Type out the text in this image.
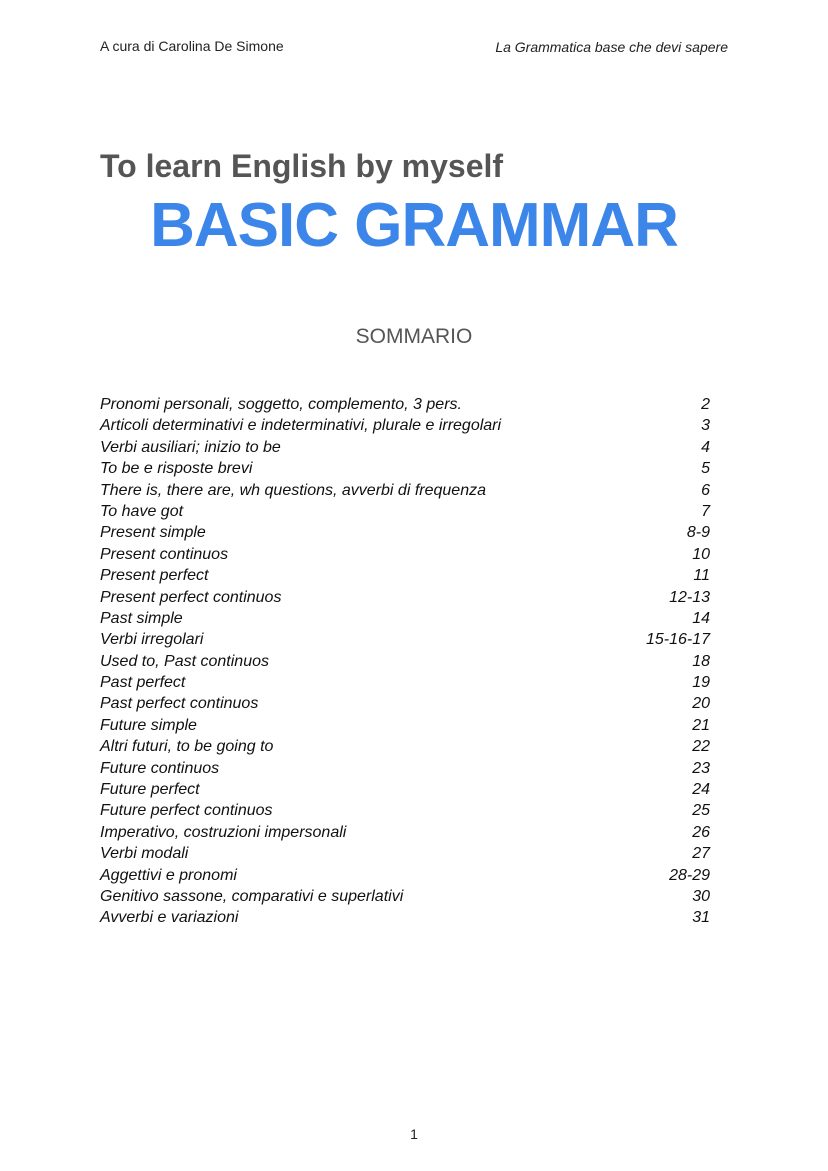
A cura di Carolina De Simone	La Grammatica base che devi sapere
To learn English by myself
BASIC GRAMMAR
SOMMARIO
Pronomi personali, soggetto, complemento, 3 pers.	2
Articoli determinativi e indeterminativi, plurale e irregolari	3
Verbi ausiliari; inizio to be	4
To be e risposte brevi	5
There is, there are, wh questions, avverbi di frequenza	6
To have got	7
Present simple	8-9
Present continuos	10
Present perfect	11
Present perfect continuos	12-13
Past simple	14
Verbi irregolari	15-16-17
Used to, Past continuos	18
Past perfect	19
Past perfect continuos	20
Future simple	21
Altri futuri, to be going to	22
Future continuos	23
Future perfect	24
Future perfect continuos	25
Imperativo, costruzioni impersonali	26
Verbi modali	27
Aggettivi e pronomi	28-29
Genitivo sassone, comparativi e superlativi	30
Avverbi e variazioni	31
1
